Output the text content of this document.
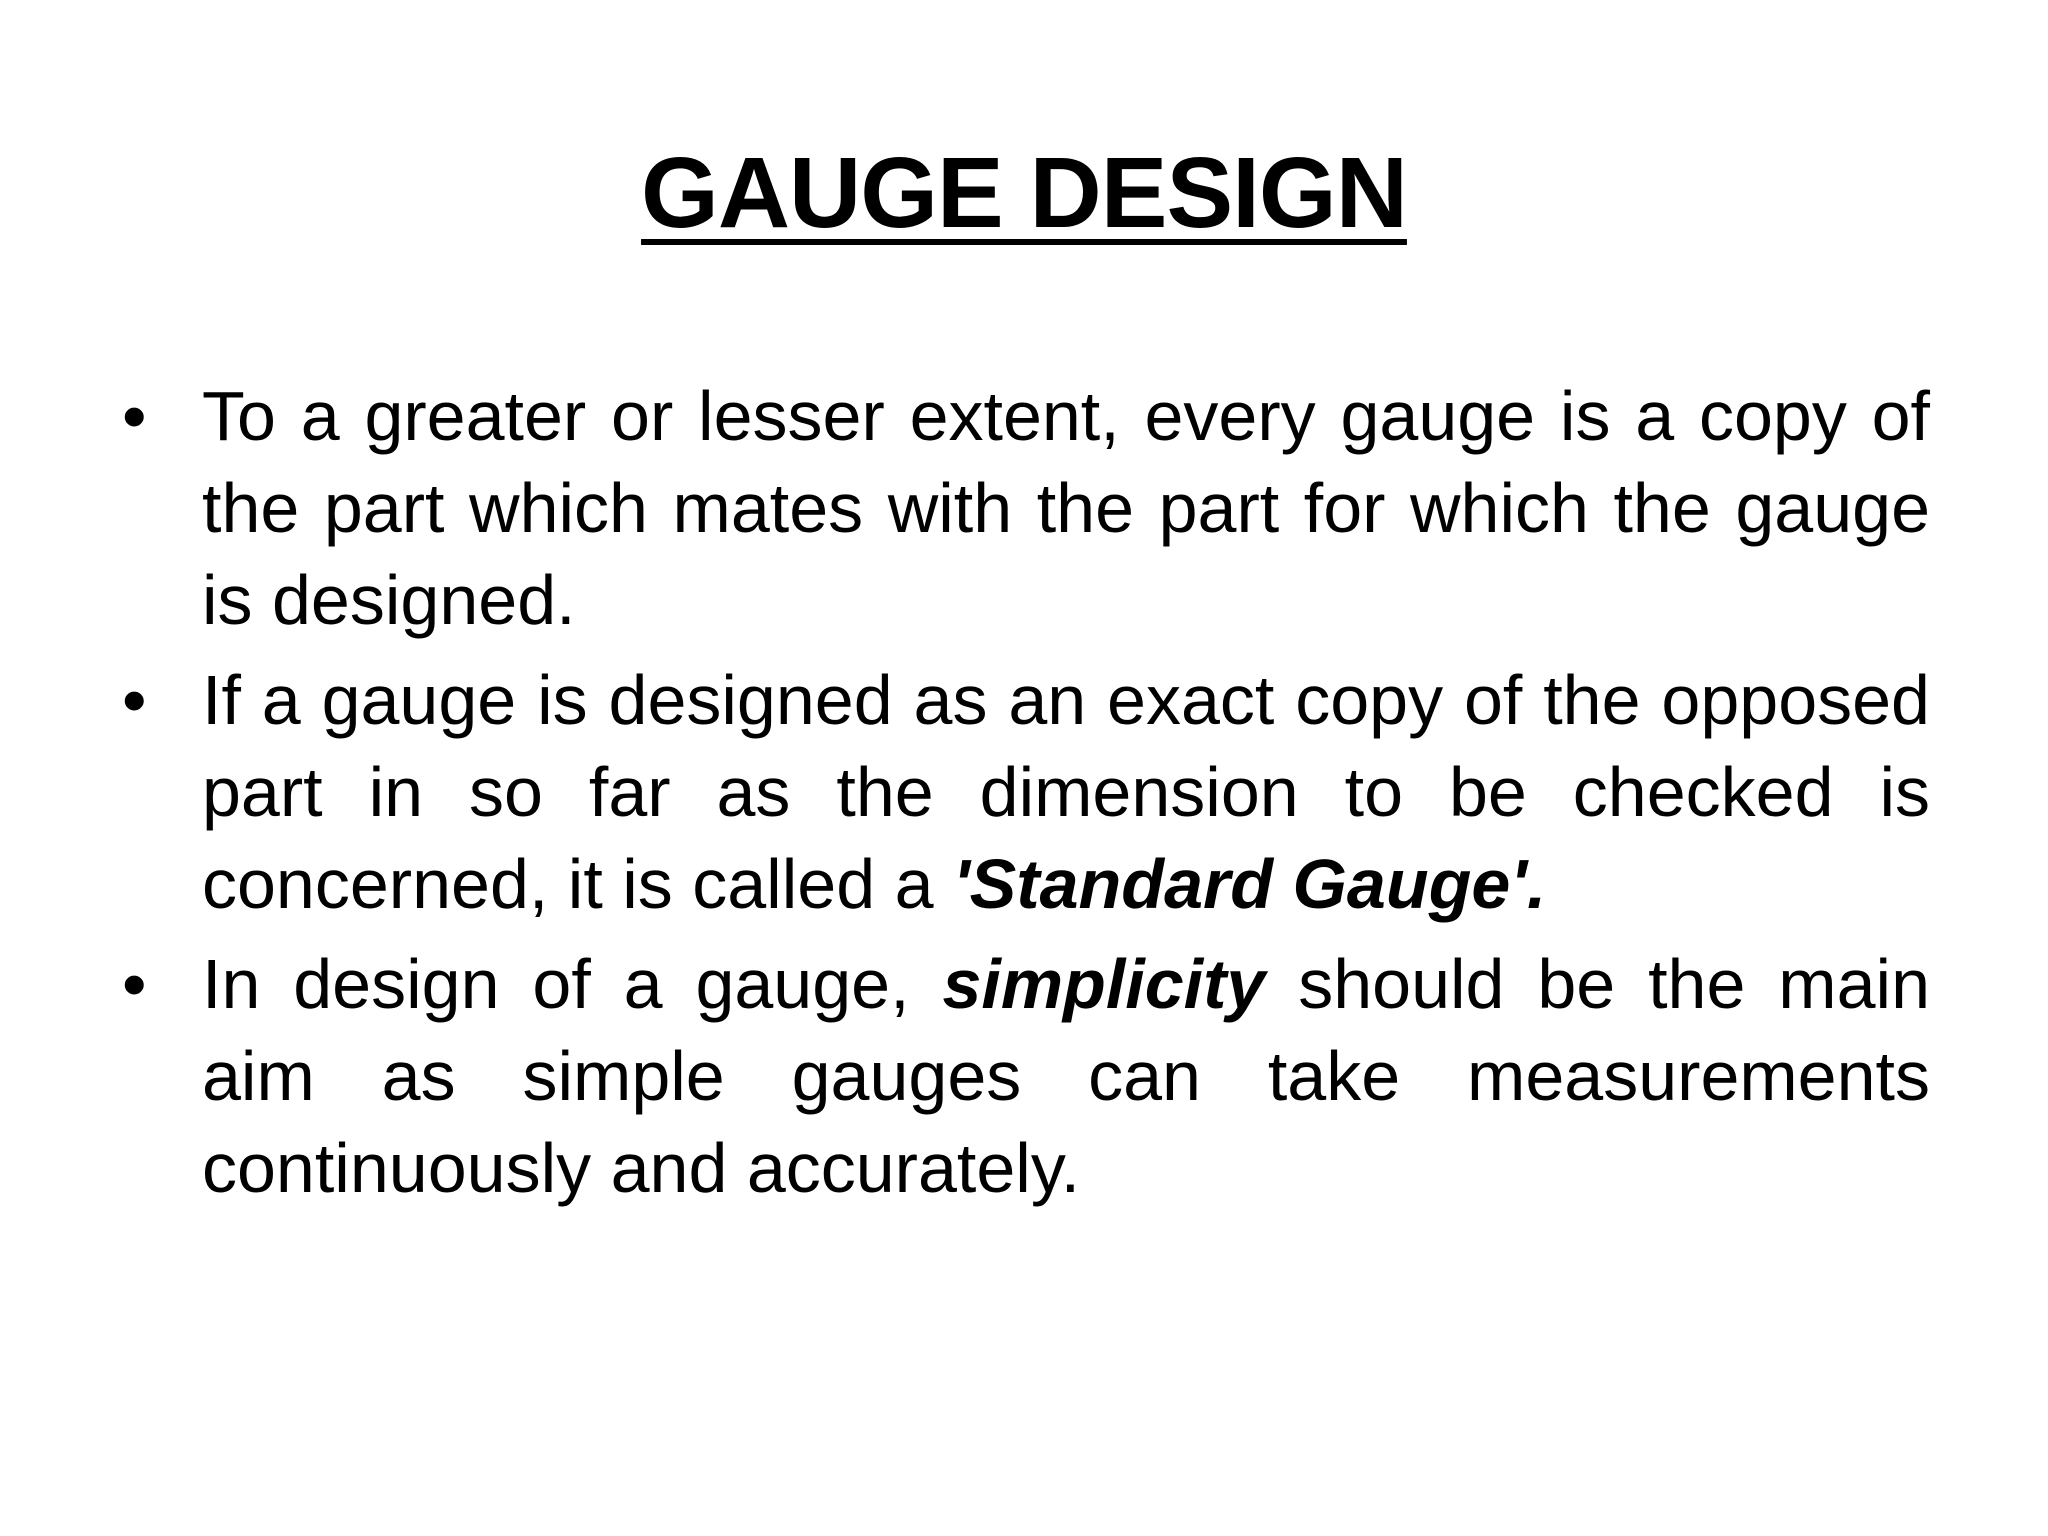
GAUGE DESIGN
• To a greater or lesser extent, every gauge is a copy of the part which mates with the part for which the gauge is designed.
• If a gauge is designed as an exact copy of the opposed part in so far as the dimension to be checked is concerned, it is called a 'Standard Gauge'.
• In design of a gauge, simplicity should be the main aim as simple gauges can take measurements continuously and accurately.
